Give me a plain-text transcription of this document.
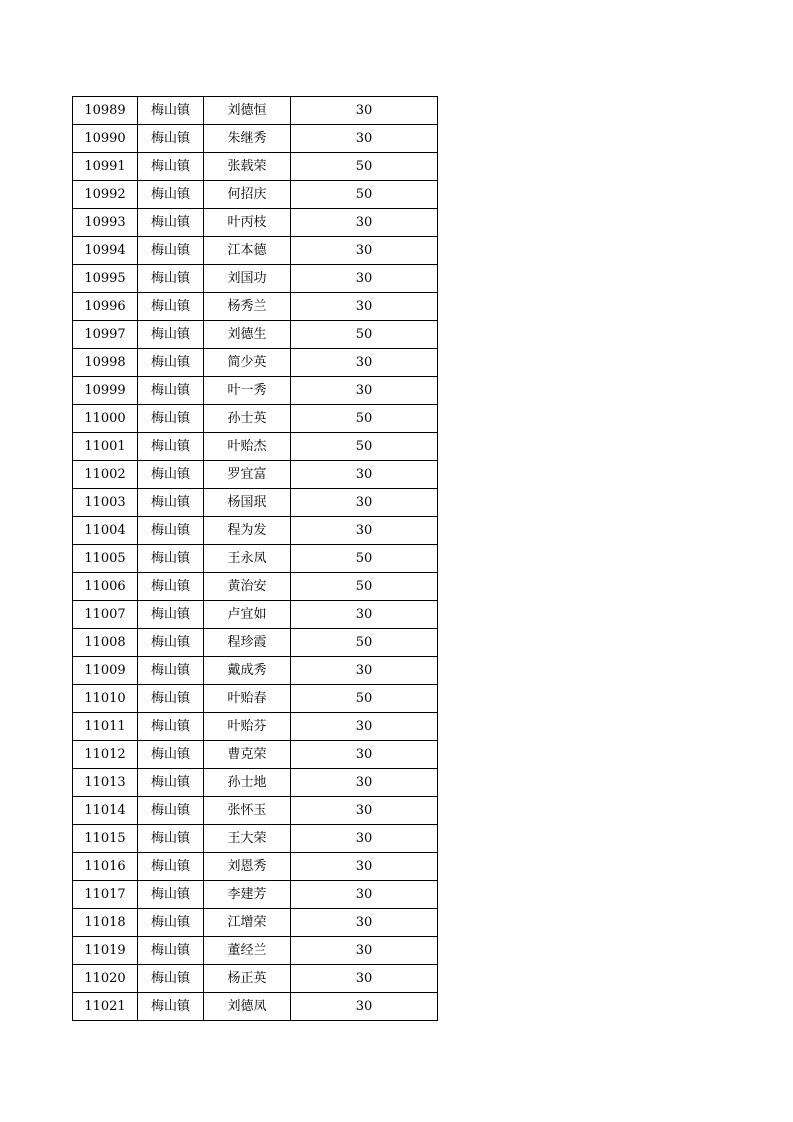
10989	梅山镇	刘德恒	30
10990	梅山镇	朱继秀	30
10991	梅山镇	张载荣	50
10992	梅山镇	何招庆	50
10993	梅山镇	叶丙枝	30
10994	梅山镇	江本德	30
10995	梅山镇	刘国功	30
10996	梅山镇	杨秀兰	30
10997	梅山镇	刘德生	50
10998	梅山镇	简少英	30
10999	梅山镇	叶一秀	30
11000	梅山镇	孙士英	50
11001	梅山镇	叶贻杰	50
11002	梅山镇	罗宜富	30
11003	梅山镇	杨国珉	30
11004	梅山镇	程为发	30
11005	梅山镇	王永凤	50
11006	梅山镇	黄治安	50
11007	梅山镇	卢宜如	30
11008	梅山镇	程珍霞	50
11009	梅山镇	戴成秀	30
11010	梅山镇	叶贻春	50
11011	梅山镇	叶贻芬	30
11012	梅山镇	曹克荣	30
11013	梅山镇	孙士地	30
11014	梅山镇	张怀玉	30
11015	梅山镇	王大荣	30
11016	梅山镇	刘恩秀	30
11017	梅山镇	李建芳	30
11018	梅山镇	江增荣	30
11019	梅山镇	董经兰	30
11020	梅山镇	杨正英	30
11021	梅山镇	刘德凤	30
